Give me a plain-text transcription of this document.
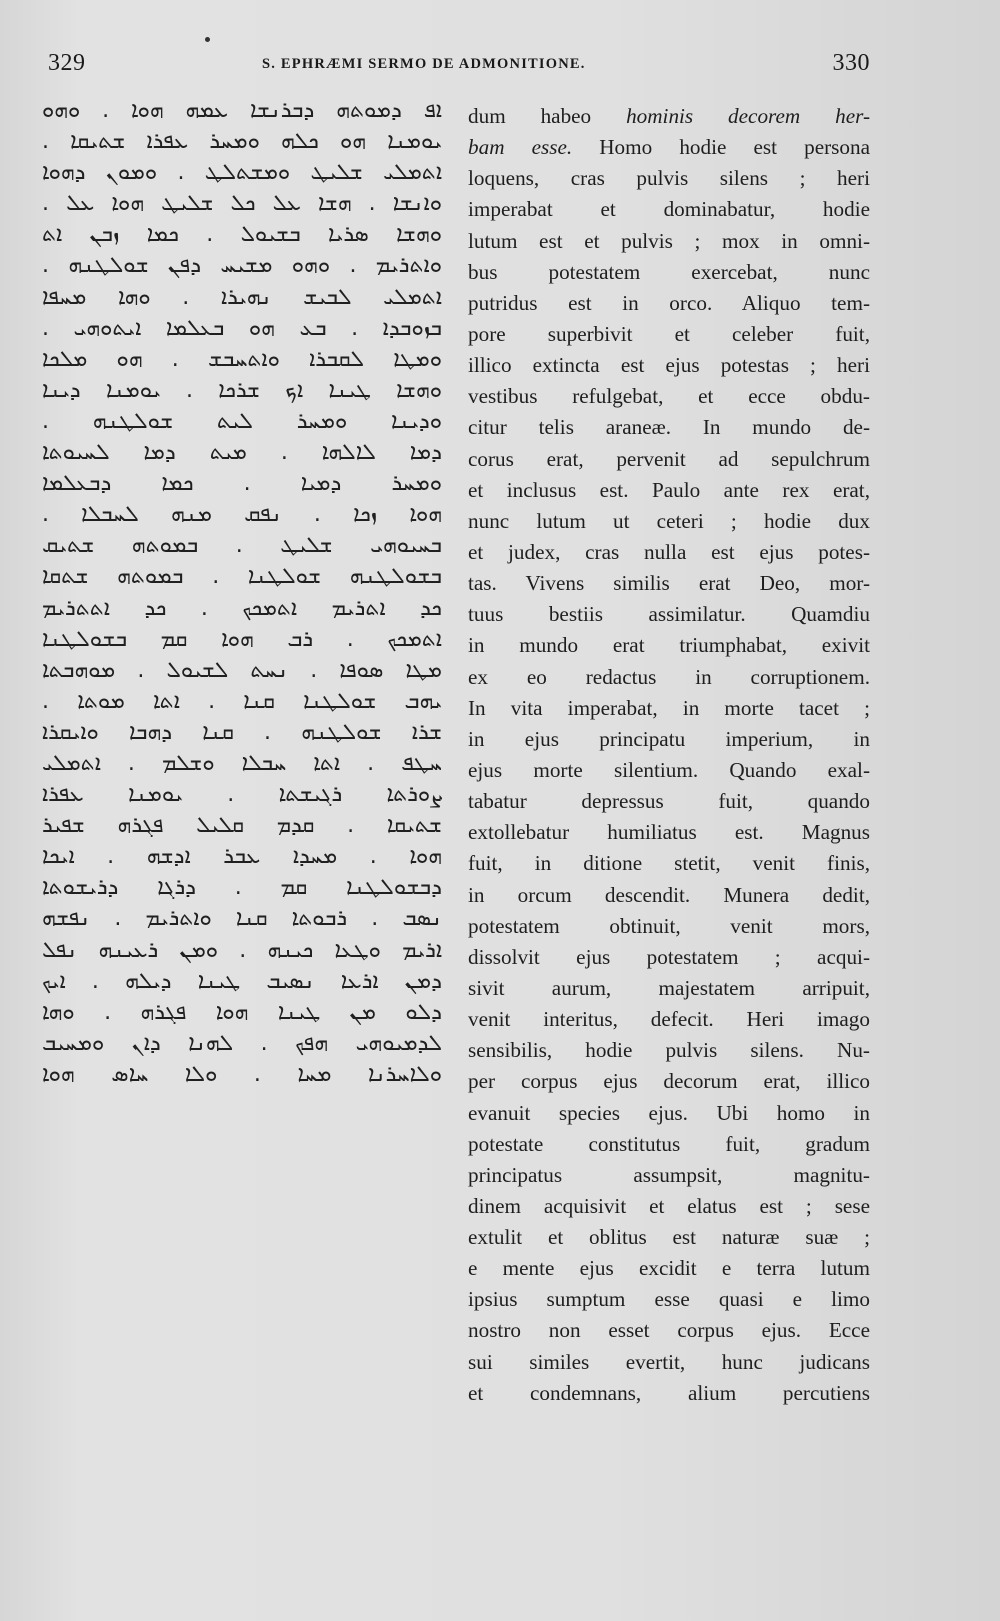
329	S. EPHRÆMI SERMO DE ADMONITIONE.	330
ܐܦ ܕܡܘܬܗ ܕܒܪܢܫܐ ܥܡܗ ܗܘܐ . ܘܗܘ
ܝܘܡܢܐ ܗܘ ܟܠܗ ܘܡܚܪ ܥܦܪܐ ܫܬܝܩܐ .
ܐܬܡܠܝ ܫܠܝܛ ܘܡܫܬܠܛ . ܘܡܘܢ ܕܗܘܐ
ܘܐܢܫܐ . ܗܫܐ ܥܠ ܟܠ ܫܠܝܛ ܗܘܐ ܥܠ .
ܘܗܫܐ ܣܪܝܐ ܒܫܝܘܠ . ܟܡܐ ܙܒܢ ܐܬ
ܘܐܬܪܝܡ . ܘܗܘ ܡܫܝܚ ܕܦܢ ܫܘܠܛܢܗ .
ܐܬܡܠܝ ܠܒܝܫ ܢܗܝܪܐ . ܘܗܐ ܡܚܦܐ
ܒܙܘܒܕܐ . ܒܥ ܗܘ ܒܥܠܡܐ ܐܝܬܘܗܝ .
ܘܡܛܐ ܠܩܒܪܐ ܘܐܬܚܒܫ . ܗܘ ܡܠܟܐ
ܘܗܫܐ ܛܝܢܐ ܐܟ ܫܪܟܐ . ܝܘܡܢܐ ܕܝܢܐ
ܘܕܝܢܐ ܘܡܚܪ ܠܝܬ ܫܘܠܛܢܗ .
ܕܡܐ ܠܐܠܗܐ . ܡܝܬ ܕܡܐ ܠܚܝܘܬܐ
ܘܡܚܪ ܕܡܝܐ . ܟܡܐ ܕܒܥܠܡܐ
ܗܘܐ ܙܟܐ . ܢܦܩ ܡܢܗ ܠܚܒܠܐ .
ܒܚܝܘܗܝ ܫܠܝܛ . ܒܡܘܬܗ ܫܬܝܩ
ܒܫܘܠܛܢܗ ܫܘܠܛܢܐ . ܒܡܘܬܗ ܫܬܩܐ
ܟܕ ܐܬܪܝܡ ܐܬܡܟܟ . ܟܕ ܐܬܬܪܝܡ
ܐܬܡܟܟ . ܪܒ ܗܘܐ ܩܡ ܒܫܘܠܛܢܐ
ܡܛܐ ܣܘܦܐ . ܢܚܬ ܠܫܝܘܠ . ܡܘܗܒܬܐ
ܝܗܒ ܫܘܠܛܢܐ ܩܢܐ . ܐܬܐ ܡܘܬܐ .
ܫܪܐ ܫܘܠܛܢܗ . ܩܢܐ ܕܗܒܐ ܘܐܝܩܪܐ
ܚܛܦ . ܐܬܐ ܚܒܠܐ ܘܫܠܡ . ܐܬܡܠܝ
ܨܘܪܬܐ ܪܓܝܫܬܐ . ܝܘܡܢܐ ܥܦܪܐ
ܫܬܝܩܐ . ܩܕܡ ܩܠܝܠ ܦܓܪܗ ܫܦܝܪ
ܗܘܐ . ܡܚܕܐ ܥܒܪ ܐܕܫܗ . ܐܝܟܐ
ܕܒܫܘܠܛܢܐ ܩܡ . ܕܪܓܐ ܕܪܝܫܘܬܐ
ܢܣܒ . ܪܒܘܬܐ ܩܢܐ ܘܐܬܪܝܡ . ܢܦܫܗ
ܐܪܝܡ ܘܛܥܐ ܟܝܢܗ . ܘܡܢ ܪܥܝܢܗ ܢܦܠ
ܕܡܢ ܐܪܥܐ ܢܣܝܒ ܛܝܢܐ ܕܝܠܗ . ܐܝܟ
ܕܠܘ ܡܢ ܛܝܢܐ ܗܘܐ ܦܓܪܗ . ܘܗܐ
ܠܕܡܝܘܗܝ ܗܦܟ . ܠܗܢܐ ܕܐܢ ܘܡܚܝܒ
ܘܠܐܚܪܢܐ ܡܚܐ . ܘܠܐ ܚܐܣ ܗܘܐ
dum habeo hominis decorem her-
bam esse. Homo hodie est persona
loquens, cras pulvis silens ; heri
imperabat et dominabatur, hodie
lutum est et pulvis ; mox in omni-
bus potestatem exercebat, nunc
putridus est in orco. Aliquo tem-
pore superbivit et celeber fuit,
illico extincta est ejus potestas ; heri
vestibus refulgebat, et ecce obdu-
citur telis araneæ. In mundo de-
corus erat, pervenit ad sepulchrum
et inclusus est. Paulo ante rex erat,
nunc lutum ut ceteri ; hodie dux
et judex, cras nulla est ejus potes-
tas. Vivens similis erat Deo, mor-
tuus bestiis assimilatur. Quamdiu
in mundo erat triumphabat, exivit
ex eo redactus in corruptionem.
In vita imperabat, in morte tacet ;
in ejus principatu imperium, in
ejus morte silentium. Quando exal-
tabatur depressus fuit, quando
extollebatur humiliatus est. Magnus
fuit, in ditione stetit, venit finis,
in orcum descendit. Munera dedit,
potestatem obtinuit, venit mors,
dissolvit ejus potestatem ; acqui-
sivit aurum, majestatem arripuit,
venit interitus, defecit. Heri imago
sensibilis, hodie pulvis silens. Nu-
per corpus ejus decorum erat, illico
evanuit species ejus. Ubi homo in
potestate constitutus fuit, gradum
principatus assumpsit, magnitu-
dinem acquisivit et elatus est ; sese
extulit et oblitus est naturæ suæ ;
e mente ejus excidit e terra lutum
ipsius sumptum esse quasi e limo
nostro non esset corpus ejus. Ecce
sui similes evertit, hunc judicans
et condemnans, alium percutiens
